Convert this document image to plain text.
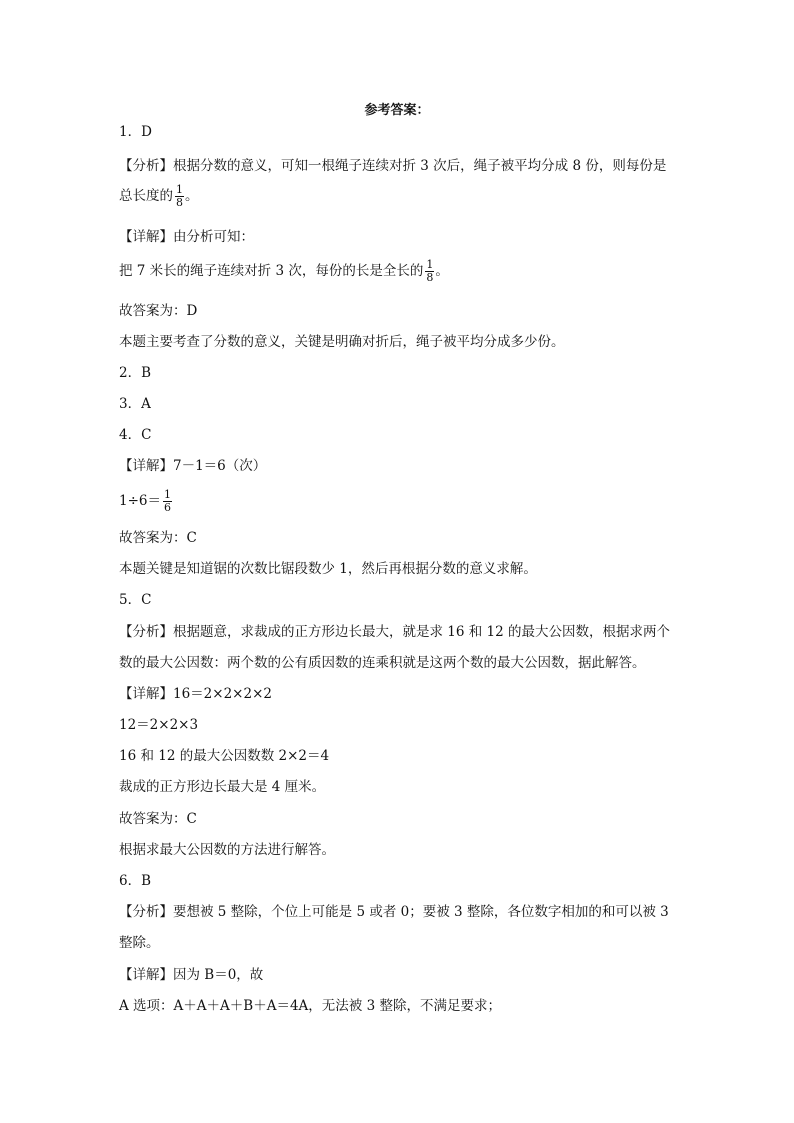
参考答案：
1．D
【分析】根据分数的意义，可知一根绳子连续对折 3 次后，绳子被平均分成 8 份，则每份是
总长度的 $\frac{1}{8}$ 。
【详解】由分析可知：
把 7 米长的绳子连续对折 3 次，每份的长是全长的 $\frac{1}{8}$ 。
故答案为：D
本题主要考查了分数的意义，关键是明确对折后，绳子被平均分成多少份。
2．B
3．A
4．C
【详解】7－1＝6（次）
$1\div 6= \frac{1}{6}$
故答案为：C
本题关键是知道锯的次数比锯段数少 1，然后再根据分数的意义求解。
5．C
【分析】根据题意，求裁成的正方形边长最大，就是求 16 和 12 的最大公因数，根据求两个
数的最大公因数：两个数的公有质因数的连乘积就是这两个数的最大公因数，据此解答。
【详解】16＝2×2×2×2
12＝2×2×3
16 和 12 的最大公因数数 2×2＝4
裁成的正方形边长最大是 4 厘米。
故答案为：C
根据求最大公因数的方法进行解答。
6．B
【分析】要想被 5 整除，个位上可能是 5 或者 0；要被 3 整除，各位数字相加的和可以被 3
整除。
【详解】因为 B＝0，故
A 选项：A＋A＋A＋B＋A＝4A，无法被 3 整除，不满足要求；
